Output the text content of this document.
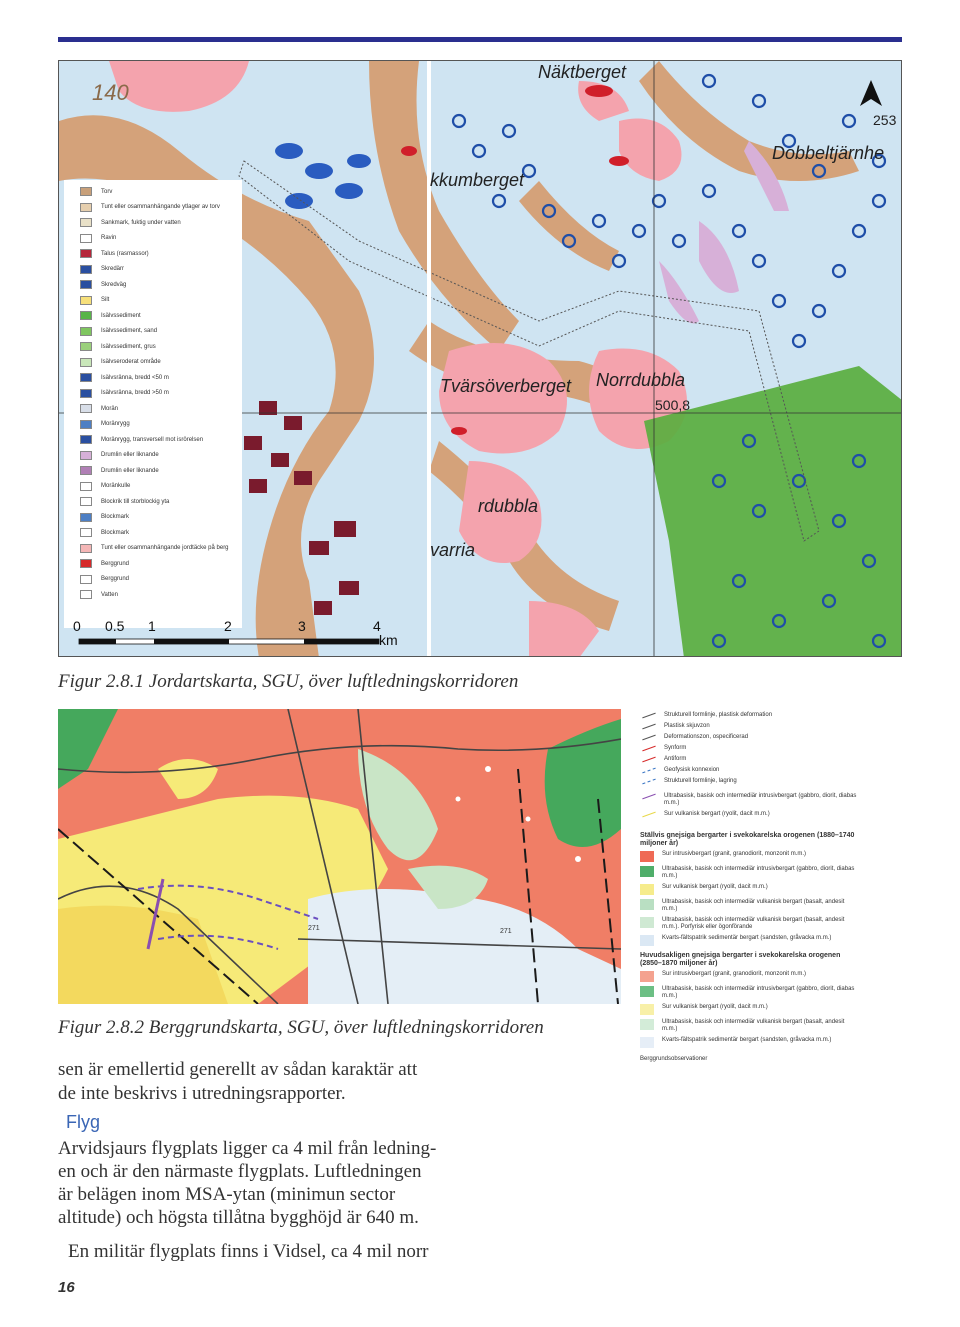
140
Näktberget
kkumberget
Dobbeltjärnhe
253
Tvärsöverberget Norrdubbla
500,8
rdubbla
varria
Torv
Tunt eller osammanhängande ytlager av torv
Sankmark, fuktig under vatten
Ravin
Talus (rasmassor)
Skredärr
Skredväg
Silt
Isälvssediment
Isälvssediment, sand
Isälvssediment, grus
Isälvseroderat område
Isälvsränna, bredd <50 m
Isälvsränna, bredd >50 m
Morän
Moränrygg
Moränrygg, transversell mot isrörelsen
Drumlin eller liknande
Drumlin eller liknande
Moränkulle
Blockrik till storblockig yta
Blockmark
Blockmark
Tunt eller osammanhängande jordtäcke på berg
Berggrund
Berggrund
Vatten
0 0.5 1	2	3	4
km
Figur 2.8.1 Jordartskarta, SGU, över luftledningskorridoren
271	271
Strukturell formlinje, plastisk deformation
Plastisk skjuvzon
Deformationszon, ospecificerad
Synform
Antiform
Geofysisk konnexion
Strukturell formlinje, lagring
Ultrabasisk, basisk och intermediär intrusivbergart (gabbro, diorit, diabas m.m.)
Sur vulkanisk bergart (ryolit, dacit m.m.)
Ställvis gnejsiga bergarter i svekokarelska orogenen (1880–1740 miljoner år)
Sur intrusivbergart (granit, granodiorit, monzonit m.m.)
Ultrabasisk, basisk och intermediär intrusivbergart (gabbro, diorit, diabas m.m.)
Sur vulkanisk bergart (ryolit, dacit m.m.)
Ultrabasisk, basisk och intermediär vulkanisk bergart (basalt, andesit m.m.)
Ultrabasisk, basisk och intermediär vulkanisk bergart (basalt, andesit m.m.). Porfyrisk eller ögonförande
Kvarts-fältspatrik sedimentär bergart (sandsten, gråvacka m.m.)
Huvudsakligen gnejsiga bergarter i svekokarelska orogenen (2850–1870 miljoner år)
Sur intrusivbergart (granit, granodiorit, monzonit m.m.)
Ultrabasisk, basisk och intermediär intrusivbergart (gabbro, diorit, diabas m.m.)
Sur vulkanisk bergart (ryolit, dacit m.m.)
Ultrabasisk, basisk och intermediär vulkanisk bergart (basalt, andesit m.m.)
Kvarts-fältspatrik sedimentär bergart (sandsten, gråvacka m.m.)
Berggrundsobservationer
Figur 2.8.2 Berggrundskarta, SGU, över luftledningskorridoren
sen är emellertid generellt av sådan karaktär att
de inte beskrivs i utredningsrapporter.
Flyg
Arvidsjaurs flygplats ligger ca 4 mil från ledning-
en och är den närmaste flygplats. Luftledningen
är belägen inom MSA-ytan (minimun sector
altitude) och högsta tillåtna bygghöjd är 640 m.
En militär flygplats finns i Vidsel, ca 4 mil norr
16
